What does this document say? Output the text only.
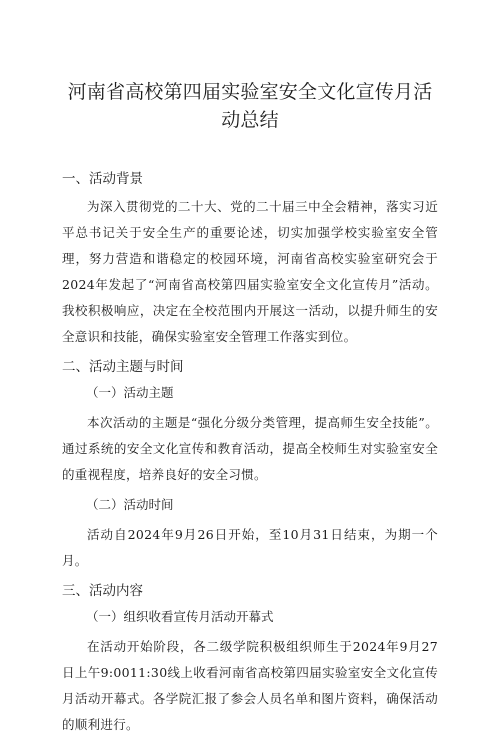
河南省高校第四届实验室安全文化宣传月活动总结
一、活动背景

为深入贯彻党的二十大、党的二十届三中全会精神，落实习近平总书记关于安全生产的重要论述，切实加强学校实验室安全管理，努力营造和谐稳定的校园环境，河南省高校实验室研究会于2024年发起了“河南省高校第四届实验室安全文化宣传月”活动。我校积极响应，决定在全校范围内开展这一活动，以提升师生的安全意识和技能，确保实验室安全管理工作落实到位。

二、活动主题与时间
（一）活动主题

本次活动的主题是“强化分级分类管理，提高师生安全技能”。通过系统的安全文化宣传和教育活动，提高全校师生对实验室安全的重视程度，培养良好的安全习惯。

（二）活动时间

活动自2024年9月26日开始，至10月31日结束，为期一个月。

三、活动内容
（一）组织收看宣传月活动开幕式

在活动开始阶段，各二级学院积极组织师生于2024年9月27日上午9:0011:30线上收看河南省高校第四届实验室安全文化宣传月活动开幕式。各学院汇报了参会人员名单和图片资料，确保活动的顺利进行。
